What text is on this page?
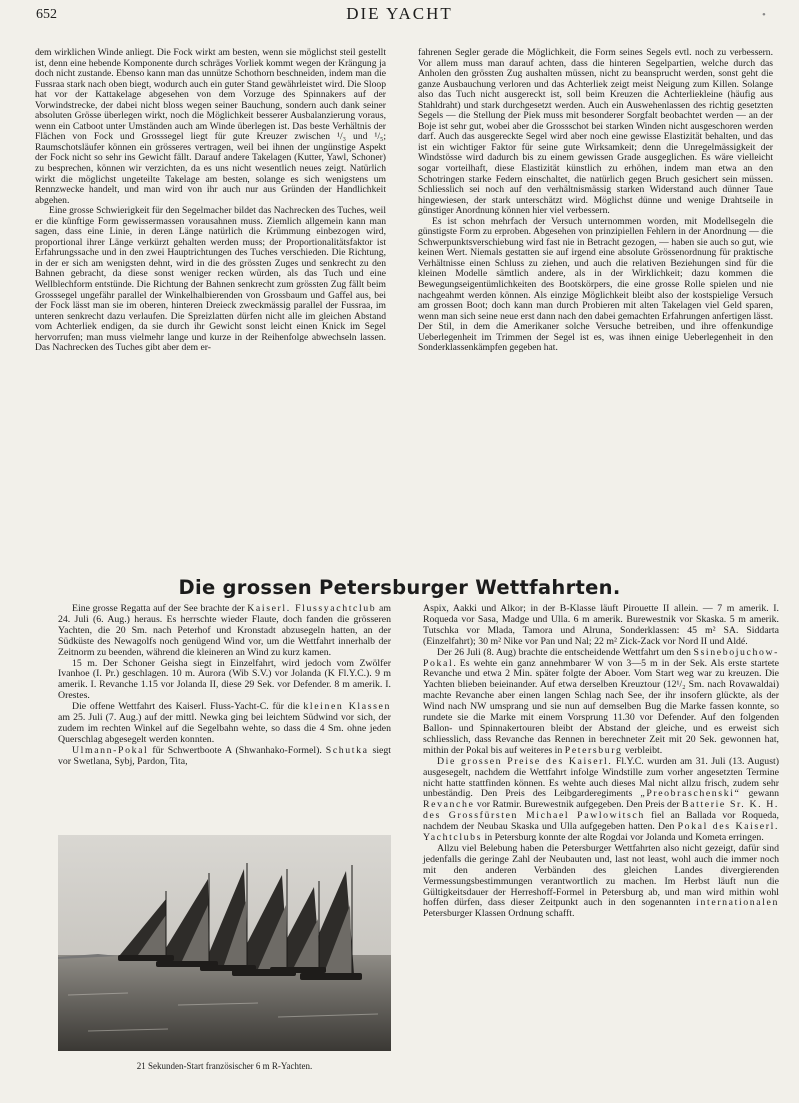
652	DIE YACHT	•

dem wirklichen Winde anliegt. Die Fock wirkt am besten, wenn sie möglichst steil gestellt ist, denn eine hebende Komponente durch schräges Vorliek kommt wegen der Krängung ja doch nicht zustande. Ebenso kann man das unnütze Schothorn beschneiden, indem man die Fussraa stark nach oben biegt, wodurch auch ein guter Stand gewährleistet wird. Die Sloop hat vor der Kattakelage abgesehen von dem Vorzuge des Spinnakers auf der Vorwindstrecke, der dabei nicht bloss wegen seiner Bauchung, sondern auch dank seiner absoluten Grösse überlegen wirkt, noch die Möglichkeit besserer Ausbalanzierung voraus, wenn ein Catboot unter Umständen auch am Winde überlegen ist. Das beste Verhältnis der Flächen von Fock und Grosssegel liegt für gute Kreuzer zwischen ¹/₃ und ¹/₅; Raumschotsläufer können ein grösseres vertragen, weil bei ihnen der ungünstige Aspekt der Fock nicht so sehr ins Gewicht fällt. Darauf andere Takelagen (Kutter, Yawl, Schoner) zu besprechen, können wir verzichten, da es uns nicht wesentlich neues zeigt. Natürlich wirkt die möglichst ungeteilte Takelage am besten, solange es sich wenigstens um Rennzwecke handelt, und man wird von ihr auch nur aus Gründen der Handlichkeit abgehen.

Eine grosse Schwierigkeit für den Segelmacher bildet das Nachrecken des Tuches, weil er die künftige Form gewissermassen vorausahnen muss. Ziemlich allgemein kann man sagen, dass eine Linie, in deren Länge natürlich die Krümmung einbezogen wird, proportional ihrer Länge verkürzt gehalten werden muss; der Proportionalitätsfaktor ist Erfahrungssache und in den zwei Hauptrichtungen des Tuches verschieden. Die Richtung, in der er sich am wenigsten dehnt, wird in die des grössten Zuges und senkrecht zu den Bahnen gebracht, da diese sonst weniger recken würden, als das Tuch und eine Wellblechform entstünde. Die Richtung der Bahnen senkrecht zum grössten Zug fällt beim Grosssegel ungefähr parallel der Winkelhalbierenden von Grossbaum und Gaffel aus, bei der Fock lässt man sie im oberen, hinteren Dreieck zweckmässig parallel der Fussraa, im unteren senkrecht dazu verlaufen. Die Spreizlatten dürfen nicht alle im gleichen Abstand vom Achterliek endigen, da sie durch ihr Gewicht sonst leicht einen Knick im Segel hervorrufen; man muss vielmehr lange und kurze in der Reihenfolge abwechseln lassen. Das Nachrecken des Tuches gibt aber dem er-

fahrenen Segler gerade die Möglichkeit, die Form seines Segels evtl. noch zu verbessern. Vor allem muss man darauf achten, dass die hinteren Segelpartien, welche durch das Anholen den grössten Zug aushalten müssen, nicht zu beansprucht werden, sonst geht die ganze Ausbauchung verloren und das Achterliek zeigt meist Neigung zum Killen. Solange also das Tuch nicht ausgereckt ist, soll beim Kreuzen die Achterliekleine (häufig aus Stahldraht) und stark durchgesetzt werden. Auch ein Auswehenlassen des richtig gesetzten Segels — die Stellung der Piek muss mit besonderer Sorgfalt beobachtet werden — an der Boje ist sehr gut, wobei aber die Grossschot bei starken Winden nicht ausgeschoren werden darf. Auch das ausgereckte Segel wird aber noch eine gewisse Elastizität behalten, und das ist ein wichtiger Faktor für seine gute Wirksamkeit; denn die Unregelmässigkeit der Windstösse wird dadurch bis zu einem gewissen Grade ausgeglichen. Es wäre vielleicht sogar vorteilhaft, diese Elastizität künstlich zu erhöhen, indem man etwa an den Schotringen starke Federn einschaltet, die natürlich gegen Bruch gesichert sein müssen. Schliesslich sei noch auf den verhältnismässig starken Widerstand auch dünner Taue hingewiesen, der stark unterschätzt wird. Möglichst dünne und wenige Drahtseile in günstiger Anordnung können hier viel verbessern.

Es ist schon mehrfach der Versuch unternommen worden, mit Modellsegeln die günstigste Form zu erproben. Abgesehen von prinzipiellen Fehlern in der Anordnung — die Schwerpunktsverschiebung wird fast nie in Betracht gezogen, — haben sie auch so gut, wie keinen Wert. Niemals gestatten sie auf irgend eine absolute Grössenordnung für praktische Verhältnisse einen Schluss zu ziehen, und auch die relativen Beziehungen sind für die kleinen Modelle sämtlich andere, als in der Wirklichkeit; dazu kommen die Bewegungseigentümlichkeiten des Bootskörpers, die eine grosse Rolle spielen und nie nachgeahmt werden können. Als einzige Möglichkeit bleibt also der kostspielige Versuch am grossen Boot; doch kann man durch Probieren mit alten Takelagen viel Geld sparen, wenn man sich seine neue erst dann nach den dabei gemachten Erfahrungen anfertigen lässt. Der Stil, in dem die Amerikaner solche Versuche betreiben, und ihre offenkundige Ueberlegenheit im Trimmen der Segel ist es, was ihnen einige Ueberlegenheit in den Sonderklassenkämpfen gegeben hat.

Die grossen Petersburger Wettfahrten.

Eine grosse Regatta auf der See brachte der Kaiserl. Flussyachtclub am 24. Juli (6. Aug.) heraus. Es herrschte wieder Flaute, doch fanden die grösseren Yachten, die 20 Sm. nach Peterhof und Kronstadt abzusegeln hatten, an der Südküste des Newagolfs noch genügend Wind vor, um die Wettfahrt innerhalb der Zeitnorm zu beenden, während die kleineren an Wind zu kurz kamen.

15 m. Der Schoner Geisha siegt in Einzelfahrt, wird jedoch vom Zwölfer Ivanhoe (I. Pr.) geschlagen. 10 m. Aurora (Wib S.V.) vor Jolanda (K Fl.Y.C.). 9 m amerik. I. Revanche 1.15 vor Jolanda II, diese 29 Sek. vor Defender. 8 m amerik. I. Orestes.

Die offene Wettfahrt des Kaiserl. Fluss-Yacht-C. für die kleinen Klassen am 25. Juli (7. Aug.) auf der mittl. Newka ging bei leichtem Südwind vor sich, der zudem im rechten Winkel auf die Segelbahn wehte, so dass die 4 Sm. ohne jeden Querschlag abgesegelt werden konnten.

Ulmann-Pokal für Schwertboote A (Shwanhako-Formel). Schutka siegt vor Swetlana, Sybj, Pardon, Tita,

Aspix, Aakki und Alkor; in der B-Klasse läuft Pirouette II allein. — 7 m amerik. I. Roqueda vor Sasa, Madge und Ulla. 6 m amerik. Burewestnik vor Skaska. 5 m amerik. Tutschka vor Mlada, Tamora und Alruna, Sonderklassen: 45 m² SA. Siddarta (Einzelfahrt); 30 m² Nike vor Pan und Nal; 22 m² Zick-Zack vor Nord II und Aldé.

Der 26 Juli (8. Aug) brachte die entscheidende Wettfahrt um den Ssinebojuchow-Pokal. Es wehte ein ganz annehmbarer W von 3—5 m in der Sek. Als erste startete Revanche und etwa 2 Min. später folgte der Aboer. Vom Start weg war zu kreuzen. Die Yachten blieben beieinander. Auf etwa derselben Kreuztour (12¹/₂ Sm. nach Rovawaldai) machte Revanche aber einen langen Schlag nach See, der ihr insofern glückte, als der Wind nach NW umsprang und sie nun auf demselben Bug die Marke fassen konnte, so rundete sie die Marke mit einem Vorsprung 11.30 vor Defender. Auf den folgenden Ballon- und Spinnakertouren bleibt der Abstand der gleiche, und es erweist sich schliesslich, dass Revanche das Rennen in berechneter Zeit mit 20 Sek. gewonnen hat, mithin der Pokal bis auf weiteres in Petersburg verbleibt.

Die grossen Preise des Kaiserl. Fl.Y.C. wurden am 31. Juli (13. August) ausgesegelt, nachdem die Wettfahrt infolge Windstille zum vorher angesetzten Termine nicht hatte stattfinden können. Es wehte auch dieses Mal nicht allzu frisch, zudem sehr unbeständig. Den Preis des Leibgarderegiments „Preobraschenski“ gewann Revanche vor Ratmir. Burewestnik aufgegeben. Den Preis der Batterie Sr. K. H. des Grossfürsten Michael Pawlowitsch fiel an Ballada vor Roqueda, nachdem der Neubau Skaska und Ulla aufgegeben hatten. Den Pokal des Kaiserl. Yachtclubs in Petersburg konnte der alte Rogdai vor Jolanda und Kometa erringen.

Allzu viel Belebung haben die Petersburger Wettfahrten also nicht gezeigt, dafür sind jedenfalls die geringe Zahl der Neubauten und, last not least, wohl auch die immer noch mit den anderen Verbänden des gleichen Landes divergierenden Vermessungsbestimmungen verantwortlich zu machen. Im Herbst läuft nun die Gültigkeitsdauer der Herreshoff-Formel in Petersburg ab, und man wird mithin wohl hoffen dürfen, dass dieser Zeitpunkt auch in den sogenannten internationalen Petersburger Klassen Ordnung schafft.

21 Sekunden-Start französischer 6 m R-Yachten.
